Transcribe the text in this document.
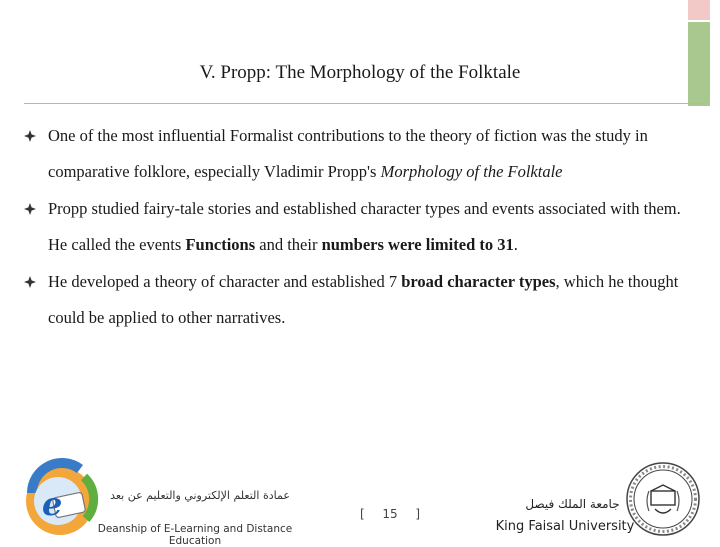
V. Propp: The Morphology of the Folktale
One of the most influential Formalist contributions to the theory of fiction was the study in comparative folklore, especially Vladimir Propp's Morphology of the Folktale
Propp studied fairy-tale stories and established character types and events associated with them. He called the events Functions and their numbers were limited to 31.
He developed a theory of character and established 7 broad character types, which he thought could be applied to other narratives.
e	عمادة التعلم الإلكتروني والتعليم عن بعد
Deanship of E-Learning and Distance Education
[ 15 ]
جامعة الملك فيصل
King Faisal University
